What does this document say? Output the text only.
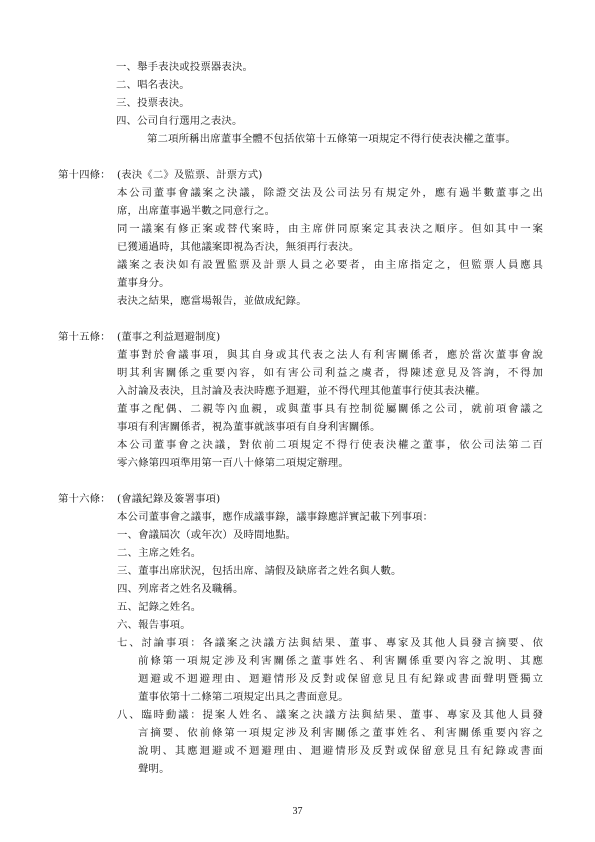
一、舉手表決或投票器表決。
二、唱名表決。
三、投票表決。
四、公司自行選用之表決。
第二項所稱出席董事全體不包括依第十五條第一項規定不得行使表決權之董事。
第十四條： (表決《二》及監票、計票方式)
本公司董事會議案之決議，除證交法及公司法另有規定外，應有過半數董事之出
席，出席董事過半數之同意行之。
同一議案有修正案或替代案時，由主席併同原案定其表決之順序。但如其中一案
已獲通過時，其他議案即視為否決，無須再行表決。
議案之表決如有設置監票及計票人員之必要者，由主席指定之，但監票人員應具
董事身分。
表決之結果，應當場報告，並做成紀錄。
第十五條： (董事之利益迴避制度)
董事對於會議事項，與其自身或其代表之法人有利害關係者，應於當次董事會說
明其利害關係之重要內容，如有害公司利益之虞者，得陳述意見及答詢，不得加
入討論及表決，且討論及表決時應予迴避，並不得代理其他董事行使其表決權。
董事之配偶、二親等內血親，或與董事具有控制從屬關係之公司，就前項會議之
事項有利害關係者，視為董事就該事項有自身利害關係。
本公司董事會之決議，對依前二項規定不得行使表決權之董事，依公司法第二百
零六條第四項準用第一百八十條第二項規定辦理。
第十六條： (會議紀錄及簽署事項)
本公司董事會之議事，應作成議事錄，議事錄應詳實記載下列事項：
一、會議屆次（或年次）及時間地點。
二、主席之姓名。
三、董事出席狀況，包括出席、請假及缺席者之姓名與人數。
四、列席者之姓名及職稱。
五、記錄之姓名。
六、報告事項。
七、討論事項：各議案之決議方法與結果、董事、專家及其他人員發言摘要、依
前條第一項規定涉及利害關係之董事姓名、利害關係重要內容之說明、其應
迴避或不迴避理由、迴避情形及反對或保留意見且有紀錄或書面聲明暨獨立
董事依第十二條第二項規定出具之書面意見。
八、臨時動議：提案人姓名、議案之決議方法與結果、董事、專家及其他人員發
言摘要、依前條第一項規定涉及利害關係之董事姓名、利害關係重要內容之
說明、其應迴避或不迴避理由、迴避情形及反對或保留意見且有紀錄或書面
聲明。
37
